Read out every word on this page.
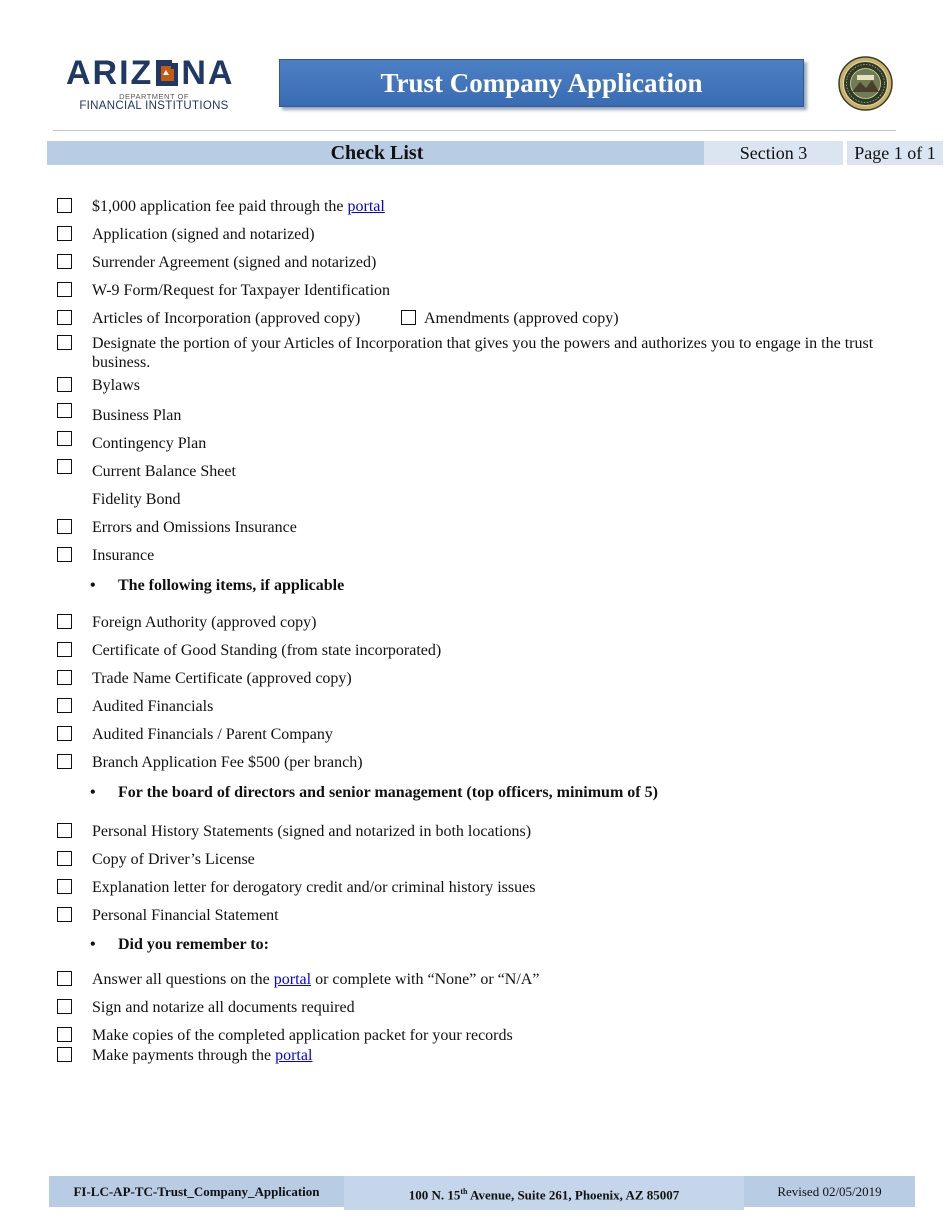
ARIZ NA
DEPARTMENT OF
FINANCIAL INSTITUTIONS
Trust Company Application
Check List	Section 3	Page 1 of 1
$1,000 application fee paid through the portal
Application (signed and notarized)
Surrender Agreement (signed and notarized)
W-9 Form/Request for Taxpayer Identification
Articles of Incorporation (approved copy)	Amendments (approved copy)
Designate the portion of your Articles of Incorporation that gives you the powers and authorizes you to engage in the trust business.
Bylaws
Business Plan
Contingency Plan
Current Balance Sheet
Fidelity Bond
Errors and Omissions Insurance
Insurance
• The following items, if applicable
Foreign Authority (approved copy)
Certificate of Good Standing (from state incorporated)
Trade Name Certificate (approved copy)
Audited Financials
Audited Financials / Parent Company
Branch Application Fee $500 (per branch)
• For the board of directors and senior management (top officers, minimum of 5)
Personal History Statements (signed and notarized in both locations)
Copy of Driver’s License
Explanation letter for derogatory credit and/or criminal history issues
Personal Financial Statement
• Did you remember to:
Answer all questions on the portal or complete with “None” or “N/A”
Sign and notarize all documents required
Make copies of the completed application packet for your records
Make payments through the portal
FI-LC-AP-TC-Trust_Company_Application	100 N. 15th Avenue, Suite 261, Phoenix, AZ 85007	Revised 02/05/2019
